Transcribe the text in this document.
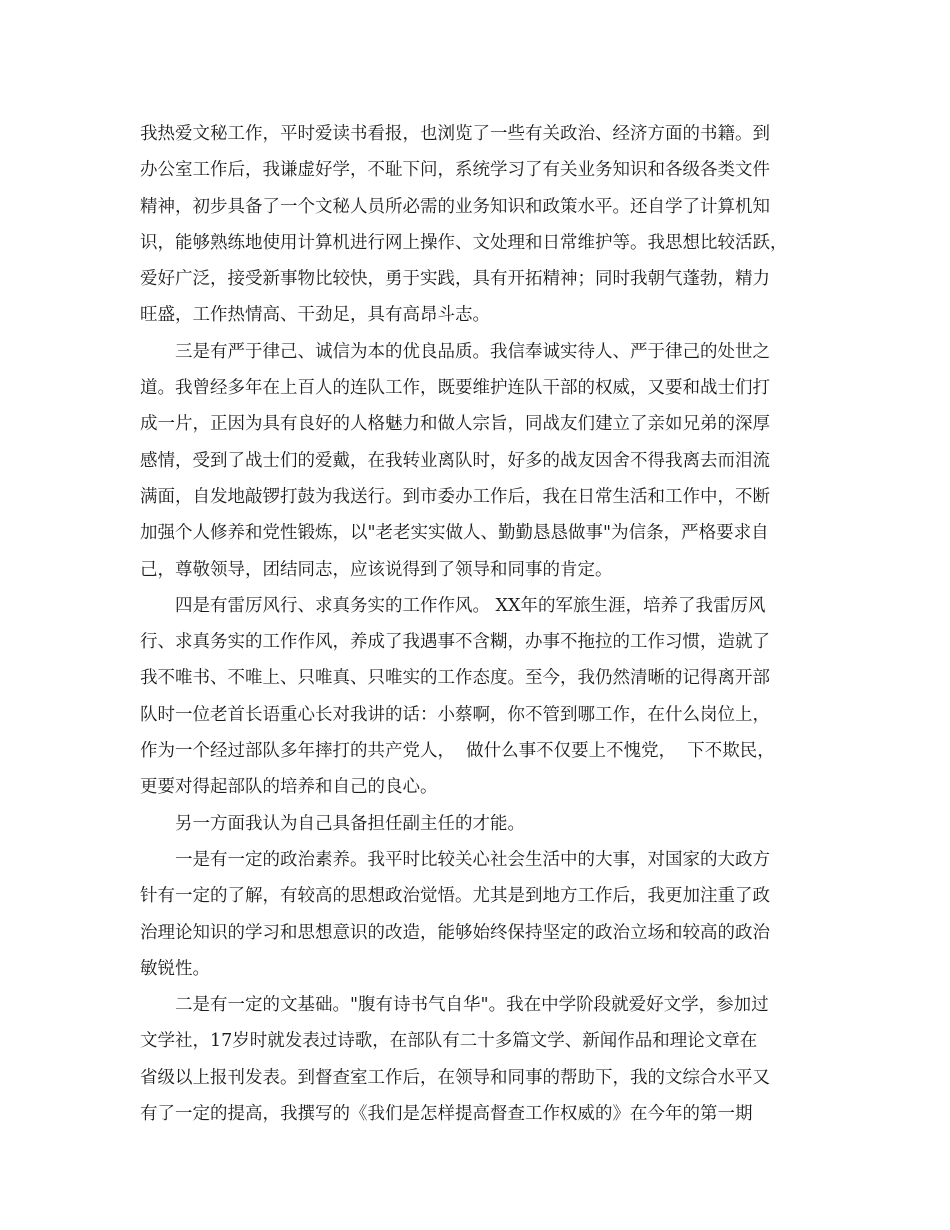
我热爱文秘工作，平时爱读书看报，也浏览了一些有关政治、经济方面的书籍。到
办公室工作后，我谦虚好学，不耻下问，系统学习了有关业务知识和各级各类文件
精神，初步具备了一个文秘人员所必需的业务知识和政策水平。还自学了计算机知
识，能够熟练地使用计算机进行网上操作、文处理和日常维护等。我思想比较活跃，
爱好广泛，接受新事物比较快，勇于实践，具有开拓精神；同时我朝气蓬勃，精力
旺盛，工作热情高、干劲足，具有高昂斗志。
　　三是有严于律己、诚信为本的优良品质。我信奉诚实待人、严于律己的处世之
道。我曾经多年在上百人的连队工作，既要维护连队干部的权威，又要和战士们打
成一片，正因为具有良好的人格魅力和做人宗旨，同战友们建立了亲如兄弟的深厚
感情，受到了战士们的爱戴，在我转业离队时，好多的战友因舍不得我离去而泪流
满面，自发地敲锣打鼓为我送行。到市委办工作后，我在日常生活和工作中，不断
加强个人修养和党性锻炼，以"老老实实做人、勤勤恳恳做事"为信条，严格要求自
己，尊敬领导，团结同志，应该说得到了领导和同事的肯定。
　　四是有雷厉风行、求真务实的工作作风。 XX年的军旅生涯，培养了我雷厉风
行、求真务实的工作作风，养成了我遇事不含糊，办事不拖拉的工作习惯，造就了
我不唯书、不唯上、只唯真、只唯实的工作态度。至今，我仍然清晰的记得离开部
队时一位老首长语重心长对我讲的话：小蔡啊，你不管到哪工作，在什么岗位上，
作为一个经过部队多年摔打的共产党人，  做什么事不仅要上不愧党，  下不欺民，
更要对得起部队的培养和自己的良心。
　　另一方面我认为自己具备担任副主任的才能。
　　一是有一定的政治素养。我平时比较关心社会生活中的大事，对国家的大政方
针有一定的了解，有较高的思想政治觉悟。尤其是到地方工作后，我更加注重了政
治理论知识的学习和思想意识的改造，能够始终保持坚定的政治立场和较高的政治
敏锐性。
　　二是有一定的文基础。"腹有诗书气自华"。我在中学阶段就爱好文学，参加过
文学社，17岁时就发表过诗歌，在部队有二十多篇文学、新闻作品和理论文章在
省级以上报刊发表。到督查室工作后，在领导和同事的帮助下，我的文综合水平又
有了一定的提高，我撰写的《我们是怎样提高督查工作权威的》在今年的第一期
